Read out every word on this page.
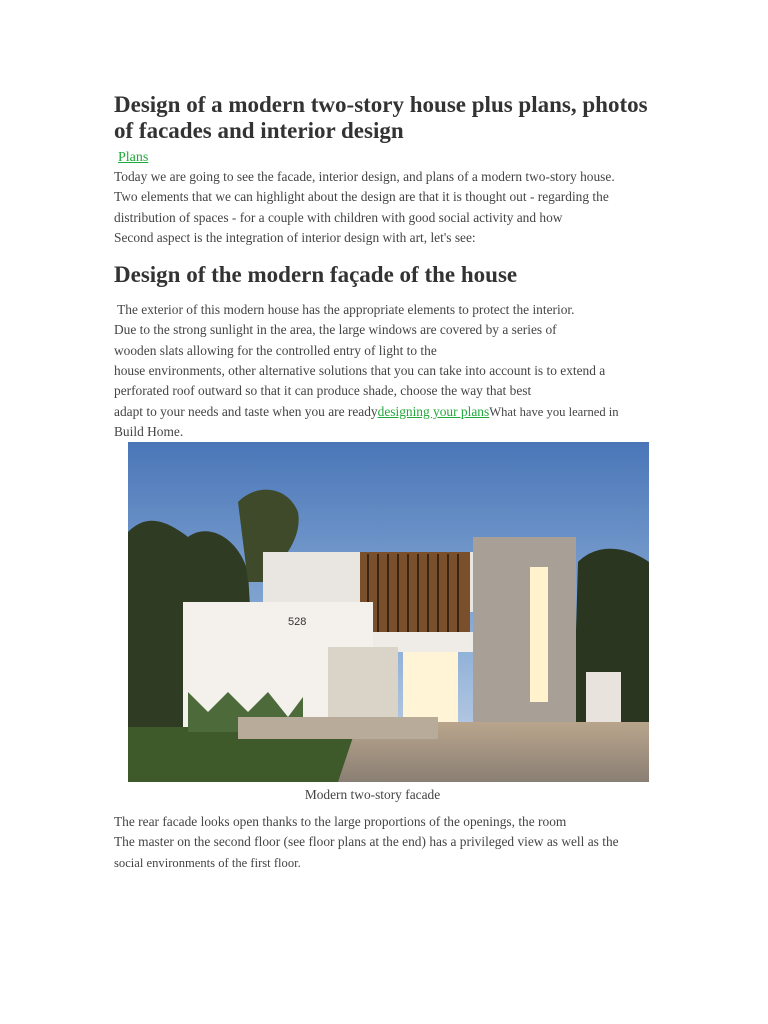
Design of a modern two-story house plus plans, photos of facades and interior design
Plans

Today we are going to see the facade, interior design, and plans of a modern two-story house.

Two elements that we can highlight about the design are that it is thought out - regarding the

distribution of spaces - for a couple with children with good social activity and how

Second aspect is the integration of interior design with art, let's see:

Design of the modern façade of the house

The exterior of this modern house has the appropriate elements to protect the interior.

Due to the strong sunlight in the area, the large windows are covered by a series of

wooden slats allowing for the controlled entry of light to the

house environments, other alternative solutions that you can take into account is to extend a

perforated roof outward so that it can produce shade, choose the way that best

adapt to your needs and taste when you are readydesigning your plansWhat have you learned in

Build Home.

528
Modern two-story facade

The rear facade looks open thanks to the large proportions of the openings, the room

The master on the second floor (see floor plans at the end) has a privileged view as well as the

social environments of the first floor.
